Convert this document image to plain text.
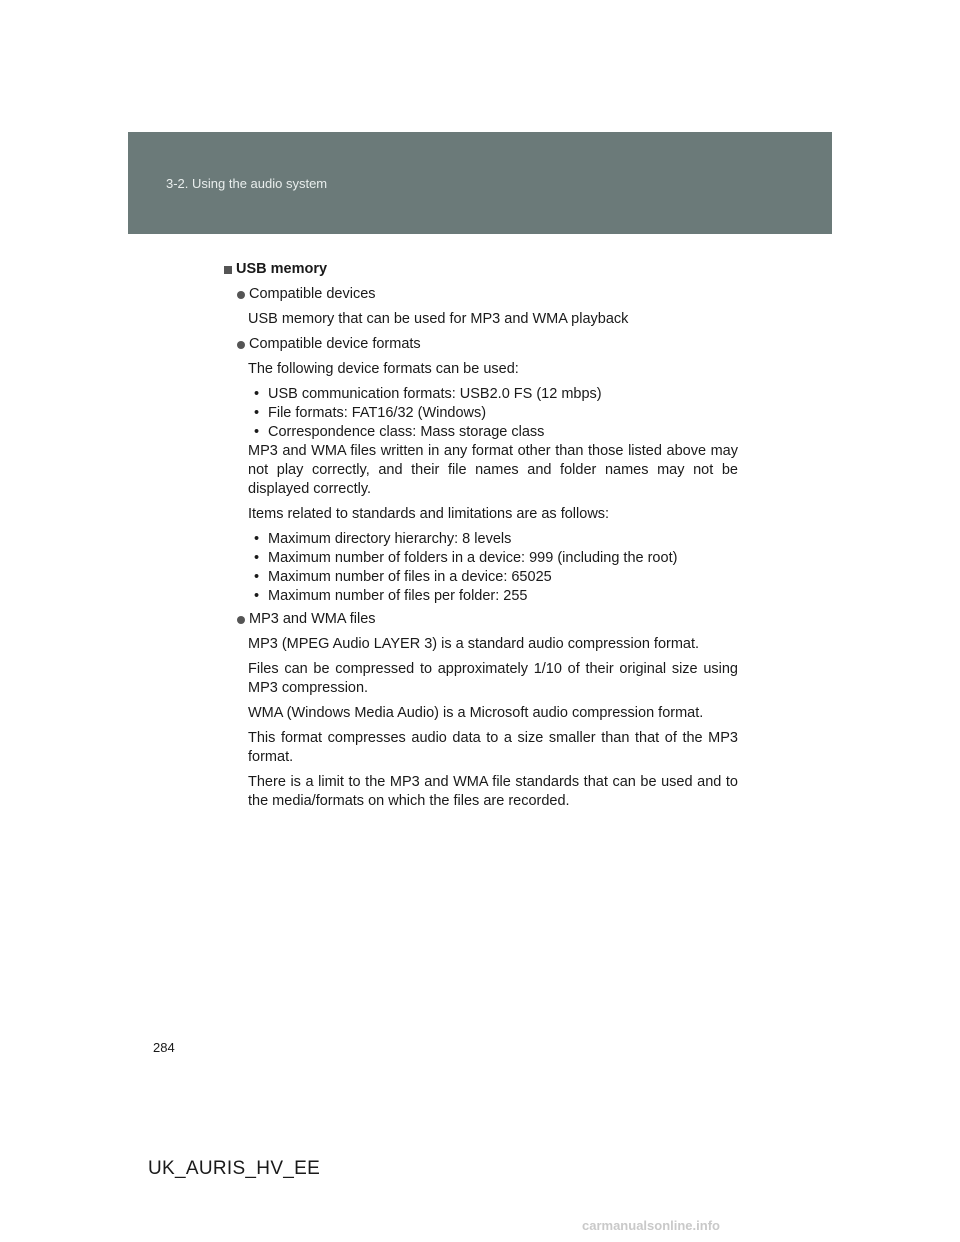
3-2. Using the audio system
USB memory
Compatible devices
USB memory that can be used for MP3 and WMA playback
Compatible device formats
The following device formats can be used:
• USB communication formats: USB2.0 FS (12 mbps)
• File formats: FAT16/32 (Windows)
• Correspondence class: Mass storage class
MP3 and WMA files written in any format other than those listed above may not play correctly, and their file names and folder names may not be displayed correctly.
Items related to standards and limitations are as follows:
• Maximum directory hierarchy: 8 levels
• Maximum number of folders in a device: 999 (including the root)
• Maximum number of files in a device: 65025
• Maximum number of files per folder: 255
MP3 and WMA files
MP3 (MPEG Audio LAYER 3) is a standard audio compression format.
Files can be compressed to approximately 1/10 of their original size using MP3 compression.
WMA (Windows Media Audio) is a Microsoft audio compression format.
This format compresses audio data to a size smaller than that of the MP3 format.
There is a limit to the MP3 and WMA file standards that can be used and to the media/formats on which the files are recorded.
284
UK_AURIS_HV_EE
carmanualsonline.info
